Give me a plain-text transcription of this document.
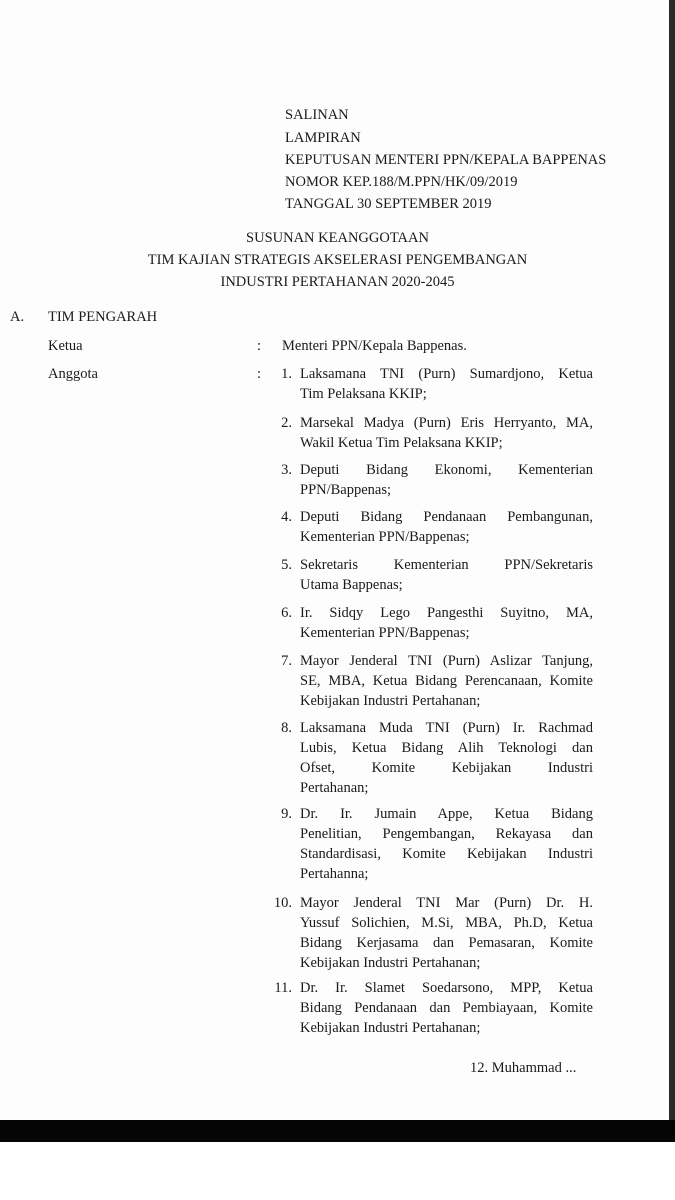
SALINAN
LAMPIRAN
KEPUTUSAN MENTERI PPN/KEPALA BAPPENAS
NOMOR KEP.188/M.PPN/HK/09/2019
TANGGAL 30 SEPTEMBER 2019
SUSUNAN KEANGGOTAAN
TIM KAJIAN STRATEGIS AKSELERASI PENGEMBANGAN
INDUSTRI PERTAHANAN 2020-2045
A. TIM PENGARAH
Ketua	: Menteri PPN/Kepala Bappenas.
Anggota	:	1. Laksamana TNI (Purn) Sumardjono, Ketua
Tim Pelaksana KKIP;
2. Marsekal Madya (Purn) Eris Herryanto, MA,
Wakil Ketua Tim Pelaksana KKIP;
3. Deputi Bidang Ekonomi, Kementerian
PPN/Bappenas;
4. Deputi Bidang Pendanaan Pembangunan,
Kementerian PPN/Bappenas;
5. Sekretaris Kementerian PPN/Sekretaris
Utama Bappenas;
6. Ir. Sidqy Lego Pangesthi Suyitno, MA,
Kementerian PPN/Bappenas;
7. Mayor Jenderal TNI (Purn) Aslizar Tanjung,
SE, MBA, Ketua Bidang Perencanaan, Komite
Kebijakan Industri Pertahanan;
8. Laksamana Muda TNI (Purn) Ir. Rachmad
Lubis, Ketua Bidang Alih Teknologi dan
Ofset, Komite Kebijakan Industri
Pertahanan;
9. Dr. Ir. Jumain Appe, Ketua Bidang
Penelitian, Pengembangan, Rekayasa dan
Standardisasi, Komite Kebijakan Industri
Pertahanna;
10. Mayor Jenderal TNI Mar (Purn) Dr. H.
Yussuf Solichien, M.Si, MBA, Ph.D, Ketua
Bidang Kerjasama dan Pemasaran, Komite
Kebijakan Industri Pertahanan;
11. Dr. Ir. Slamet Soedarsono, MPP, Ketua
Bidang Pendanaan dan Pembiayaan, Komite
Kebijakan Industri Pertahanan;
12. Muhammad ...
